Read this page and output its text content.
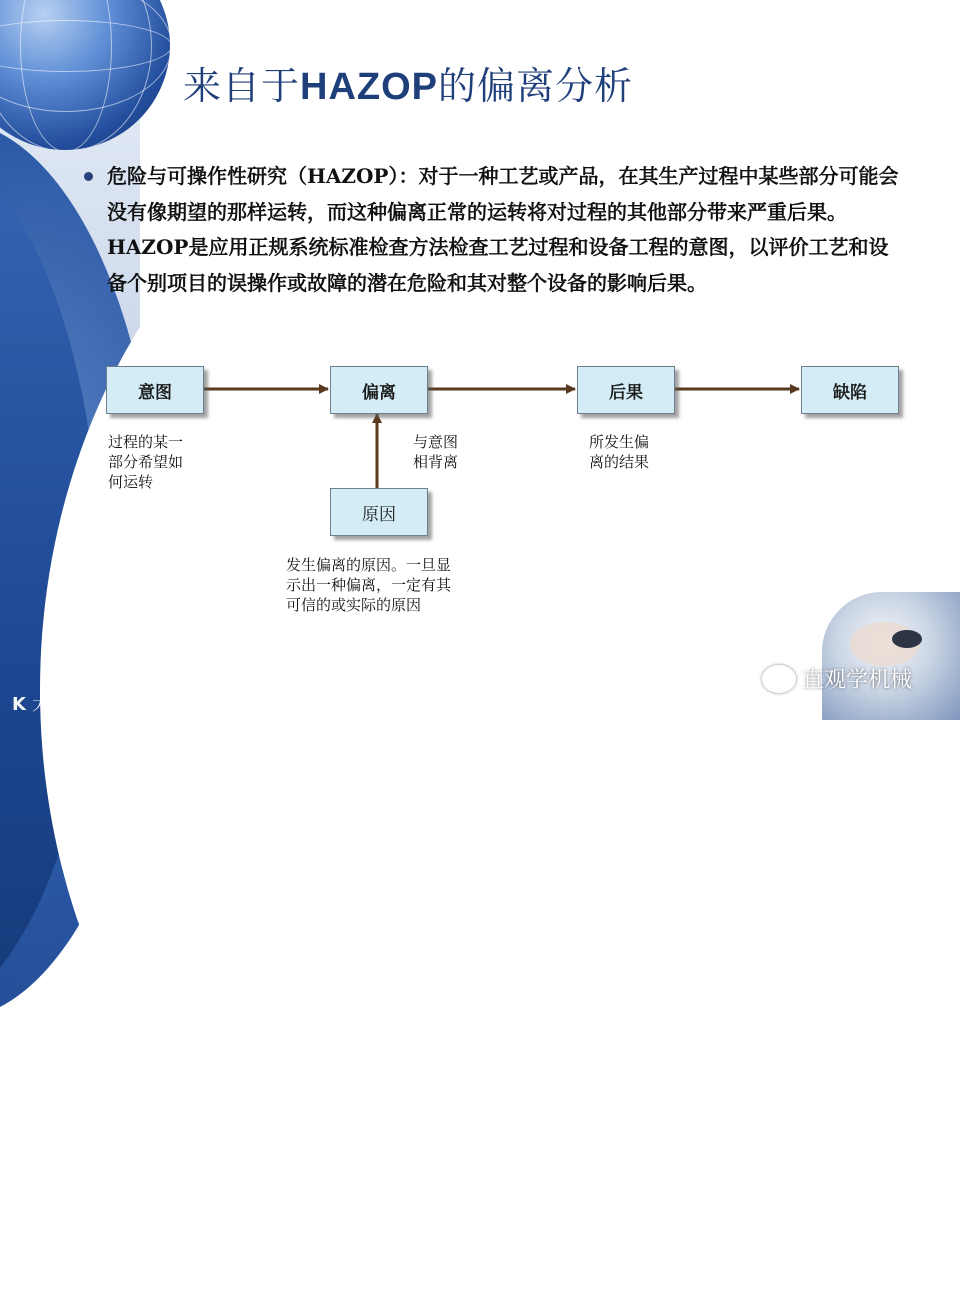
来自于HAZOP的偏离分析
危险与可操作性研究（HAZOP）：对于一种工艺或产品，在其生产过程中某些部分可能会没有像期望的那样运转，而这种偏离正常的运转将对过程的其他部分带来严重后果。HAZOP是应用正规系统标准检查方法检查工艺过程和设备工程的意图，以评价工艺和设备个别项目的误操作或故障的潜在危险和其对整个设备的影响后果。
意图	偏离	后果	缺陷
原因
过程的某一
部分希望如
何运转
与意图
相背离
所发生偏
离的结果
发生偏离的原因。一旦显
示出一种偏离，一定有其
可信的或实际的原因
K 大数跨境
直观学机械
